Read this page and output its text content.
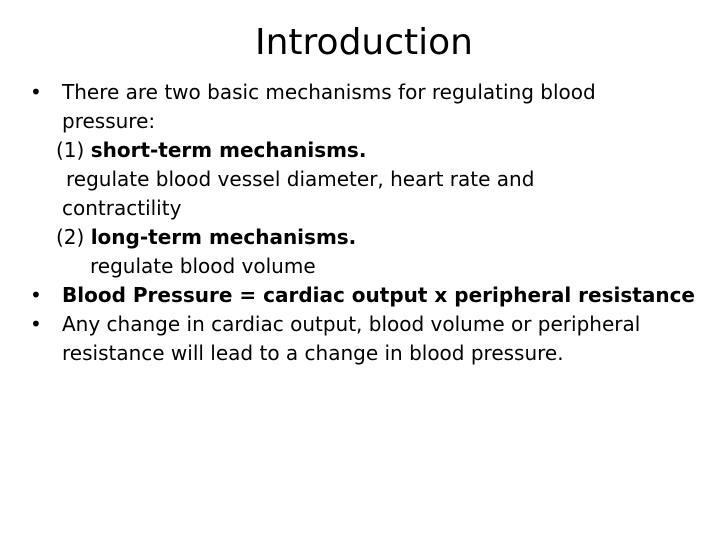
Introduction
•	There are two basic mechanisms for regulating blood
pressure:
(1) short-term mechanisms.
regulate blood vessel diameter, heart rate and
contractility
(2) long-term mechanisms.
regulate blood volume
•	Blood Pressure = cardiac output x peripheral resistance
•	Any change in cardiac output, blood volume or peripheral
resistance will lead to a change in blood pressure.
